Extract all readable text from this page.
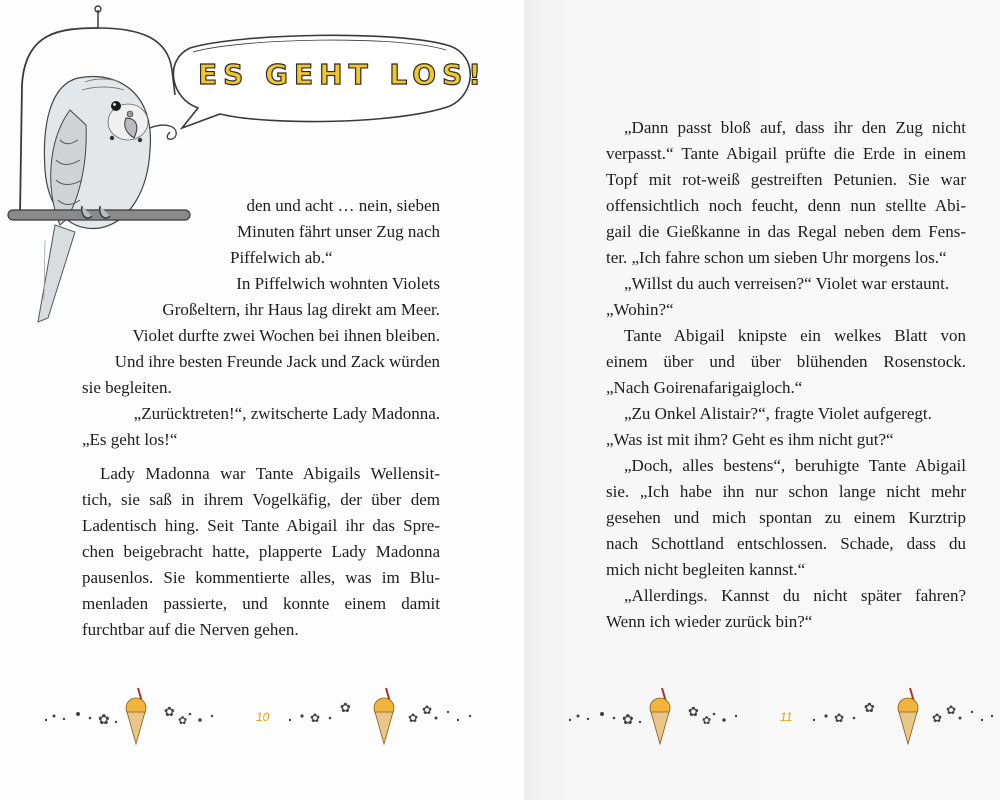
ES GEHT LOS!
den und acht … nein, sieben
Minuten fährt unser Zug nach
Piffelwich ab.“
In Piffelwich wohnten Violets
Großeltern, ihr Haus lag direkt am Meer.
Violet durfte zwei Wochen bei ihnen bleiben.
Und ihre besten Freunde Jack und Zack würden
sie begleiten.
„Zurücktreten!“, zwitscherte Lady Madonna.
„Es geht los!“
Lady Madonna war Tante Abigails Wellensit-
tich, sie saß in ihrem Vogelkäfig, der über dem
Ladentisch hing. Seit Tante Abigail ihr das Spre-
chen beigebracht hatte, plapperte Lady Madonna
pausenlos. Sie kommentierte alles, was im Blu-
menladen passierte, und konnte einem damit
furchtbar auf die Nerven gehen.
✿	✿
✿	✿
✿
✿
✿
10
„Dann passt bloß auf, dass ihr den Zug nicht
verpasst.“ Tante Abigail prüfte die Erde in einem
Topf mit rot-weiß gestreiften Petunien. Sie war
offensichtlich noch feucht, denn nun stellte Abi-
gail die Gießkanne in das Regal neben dem Fens-
ter. „Ich fahre schon um sieben Uhr morgens los.“
„Willst du auch verreisen?“ Violet war erstaunt.
„Wohin?“
Tante Abigail knipste ein welkes Blatt von
einem über und über blühenden Rosenstock.
„Nach Goirenafarigaigloch.“
„Zu Onkel Alistair?“, fragte Violet aufgeregt.
„Was ist mit ihm? Geht es ihm nicht gut?“
„Doch, alles bestens“, beruhigte Tante Abigail
sie. „Ich habe ihn nur schon lange nicht mehr
gesehen und mich spontan zu einem Kurztrip
nach Schottland entschlossen. Schade, dass du
mich nicht begleiten kannst.“
„Allerdings. Kannst du nicht später fahren?
Wenn ich wieder zurück bin?“
✿	✿
✿	✿
✿
✿
✿
11
